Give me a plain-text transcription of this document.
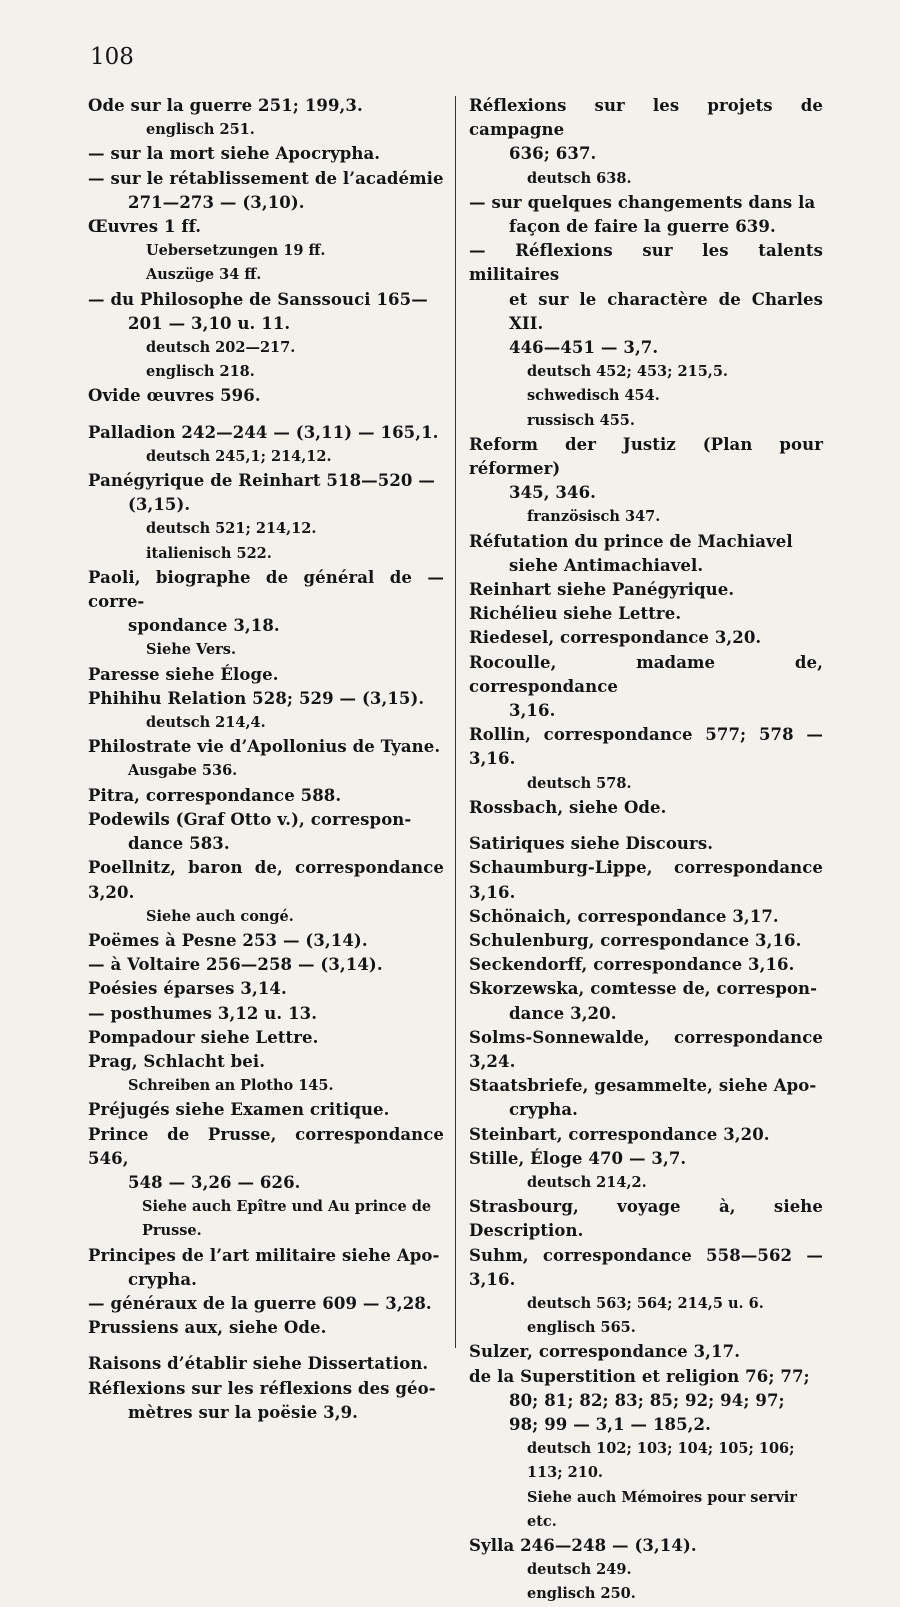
108
Ode sur la guerre 251; 199,3.
englisch 251.
— sur la mort siehe Apocrypha.
— sur le rétablissement de l’académie
271—273 — (3,10).
Œuvres 1 ff.
Uebersetzungen 19 ff.
Auszüge 34 ff.
— du Philosophe de Sanssouci 165—
201 — 3,10 u. 11.
deutsch 202—217.
englisch 218.
Ovide œuvres 596.
Palladion 242—244 — (3,11) — 165,1.
deutsch 245,1; 214,12.
Panégyrique de Reinhart 518—520 —
(3,15).
deutsch 521; 214,12.
italienisch 522.
Paoli, biographe de général de — corre-
spondance 3,18.
Siehe Vers.
Paresse siehe Éloge.
Phihihu Relation 528; 529 — (3,15).
deutsch 214,4.
Philostrate vie d’Apollonius de Tyane.
Ausgabe 536.
Pitra, correspondance 588.
Podewils (Graf Otto v.), correspon-
dance 583.
Poellnitz, baron de, correspondance 3,20.
Siehe auch congé.
Poëmes à Pesne 253 — (3,14).
— à Voltaire 256—258 — (3,14).
Poésies éparses 3,14.
— posthumes 3,12 u. 13.
Pompadour siehe Lettre.
Prag, Schlacht bei.
Schreiben an Plotho 145.
Préjugés siehe Examen critique.
Prince de Prusse, correspondance 546,
548 — 3,26 — 626.
Siehe auch Epître und Au prince de Prusse.
Principes de l’art militaire siehe Apo-
crypha.
— généraux de la guerre 609 — 3,28.
Prussiens aux, siehe Ode.
Raisons d’établir siehe Dissertation.
Réflexions sur les réflexions des géo-
mètres sur la poësie 3,9.
Réflexions sur les projets de campagne
636; 637.
deutsch 638.
— sur quelques changements dans la
façon de faire la guerre 639.
— Réflexions sur les talents militaires
et sur le charactère de Charles XII.
446—451 — 3,7.
deutsch 452; 453; 215,5.
schwedisch 454.
russisch 455.
Reform der Justiz (Plan pour réformer)
345, 346.
französisch 347.
Réfutation du prince de Machiavel
siehe Antimachiavel.
Reinhart siehe Panégyrique.
Richélieu siehe Lettre.
Riedesel, correspondance 3,20.
Rocoulle, madame de, correspondance
3,16.
Rollin, correspondance 577; 578 — 3,16.
deutsch 578.
Rossbach, siehe Ode.
Satiriques siehe Discours.
Schaumburg-Lippe, correspondance 3,16.
Schönaich, correspondance 3,17.
Schulenburg, correspondance 3,16.
Seckendorff, correspondance 3,16.
Skorzewska, comtesse de, correspon-
dance 3,20.
Solms-Sonnewalde, correspondance 3,24.
Staatsbriefe, gesammelte, siehe Apo-
crypha.
Steinbart, correspondance 3,20.
Stille, Éloge 470 — 3,7.
deutsch 214,2.
Strasbourg, voyage à, siehe Description.
Suhm, correspondance 558—562 — 3,16.
deutsch 563; 564; 214,5 u. 6.
englisch 565.
Sulzer, correspondance 3,17.
de la Superstition et religion 76; 77;
80; 81; 82; 83; 85; 92; 94; 97;
98; 99 — 3,1 — 185,2.
deutsch 102; 103; 104; 105; 106; 113; 210.
Siehe auch Mémoires pour servir etc.
Sylla 246—248 — (3,14).
deutsch 249.
englisch 250.
